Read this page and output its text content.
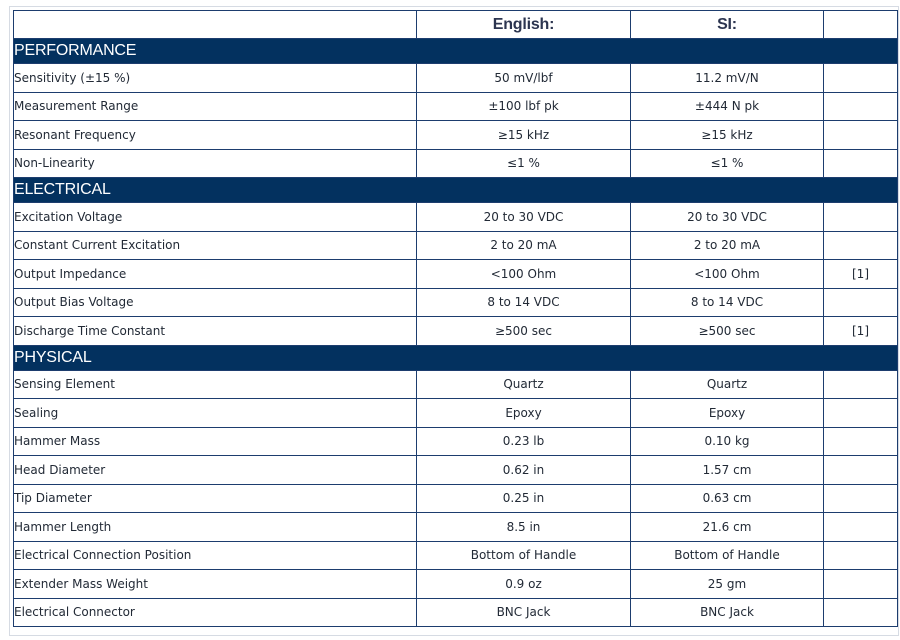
	English:	SI:	
PERFORMANCE			
Sensitivity (±15 %)	50 mV/lbf	11.2 mV/N	
Measurement Range	±100 lbf pk	±444 N pk	
Resonant Frequency	≥15 kHz	≥15 kHz	
Non-Linearity	≤1 %	≤1 %	
ELECTRICAL			
Excitation Voltage	20 to 30 VDC	20 to 30 VDC	
Constant Current Excitation	2 to 20 mA	2 to 20 mA	
Output Impedance	<100 Ohm	<100 Ohm	[1]
Output Bias Voltage	8 to 14 VDC	8 to 14 VDC	
Discharge Time Constant	≥500 sec	≥500 sec	[1]
PHYSICAL			
Sensing Element	Quartz	Quartz	
Sealing	Epoxy	Epoxy	
Hammer Mass	0.23 lb	0.10 kg	
Head Diameter	0.62 in	1.57 cm	
Tip Diameter	0.25 in	0.63 cm	
Hammer Length	8.5 in	21.6 cm	
Electrical Connection Position	Bottom of Handle	Bottom of Handle	
Extender Mass Weight	0.9 oz	25 gm	
Electrical Connector	BNC Jack	BNC Jack	
